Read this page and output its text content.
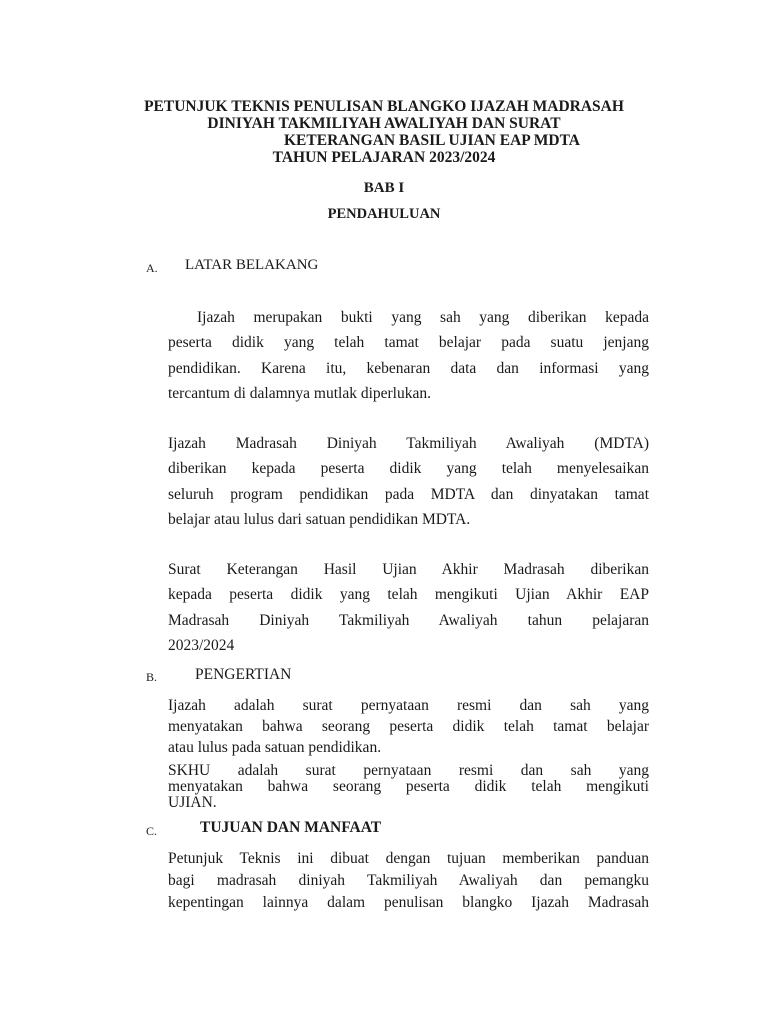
PETUNJUK TEKNIS PENULISAN BLANGKO IJAZAH MADRASAH
DINIYAH TAKMILIYAH AWALIYAH DAN SURAT
KETERANGAN BASIL UJIAN EAP MDTA
TAHUN PELAJARAN 2023/2024
BAB I
PENDAHULUAN
A. LATAR BELAKANG

Ijazah merupakan bukti yang sah yang diberikan kepada
peserta didik yang telah tamat belajar pada suatu jenjang
pendidikan. Karena itu, kebenaran data dan informasi yang
tercantum di dalamnya mutlak diperlukan.

Ijazah Madrasah Diniyah Takmiliyah Awaliyah (MDTA)
diberikan kepada peserta didik yang telah menyelesaikan
seluruh program pendidikan pada MDTA dan dinyatakan tamat
belajar atau lulus dari satuan pendidikan MDTA.

Surat Keterangan Hasil Ujian Akhir Madrasah diberikan
kepada peserta didik yang telah mengikuti Ujian Akhir EAP
Madrasah Diniyah Takmiliyah Awaliyah tahun pelajaran
2023/2024

B. PENGERTIAN

Ijazah adalah surat pernyataan resmi dan sah yang
menyatakan bahwa seorang peserta didik telah tamat belajar
atau lulus pada satuan pendidikan.

SKHU adalah surat pernyataan resmi dan sah yang
menyatakan bahwa seorang peserta didik telah mengikuti
UJIAN.

C.	TUJUAN DAN MANFAAT

Petunjuk Teknis ini dibuat dengan tujuan memberikan panduan
bagi madrasah diniyah Takmiliyah Awaliyah dan pemangku
kepentingan lainnya dalam penulisan blangko Ijazah Madrasah
